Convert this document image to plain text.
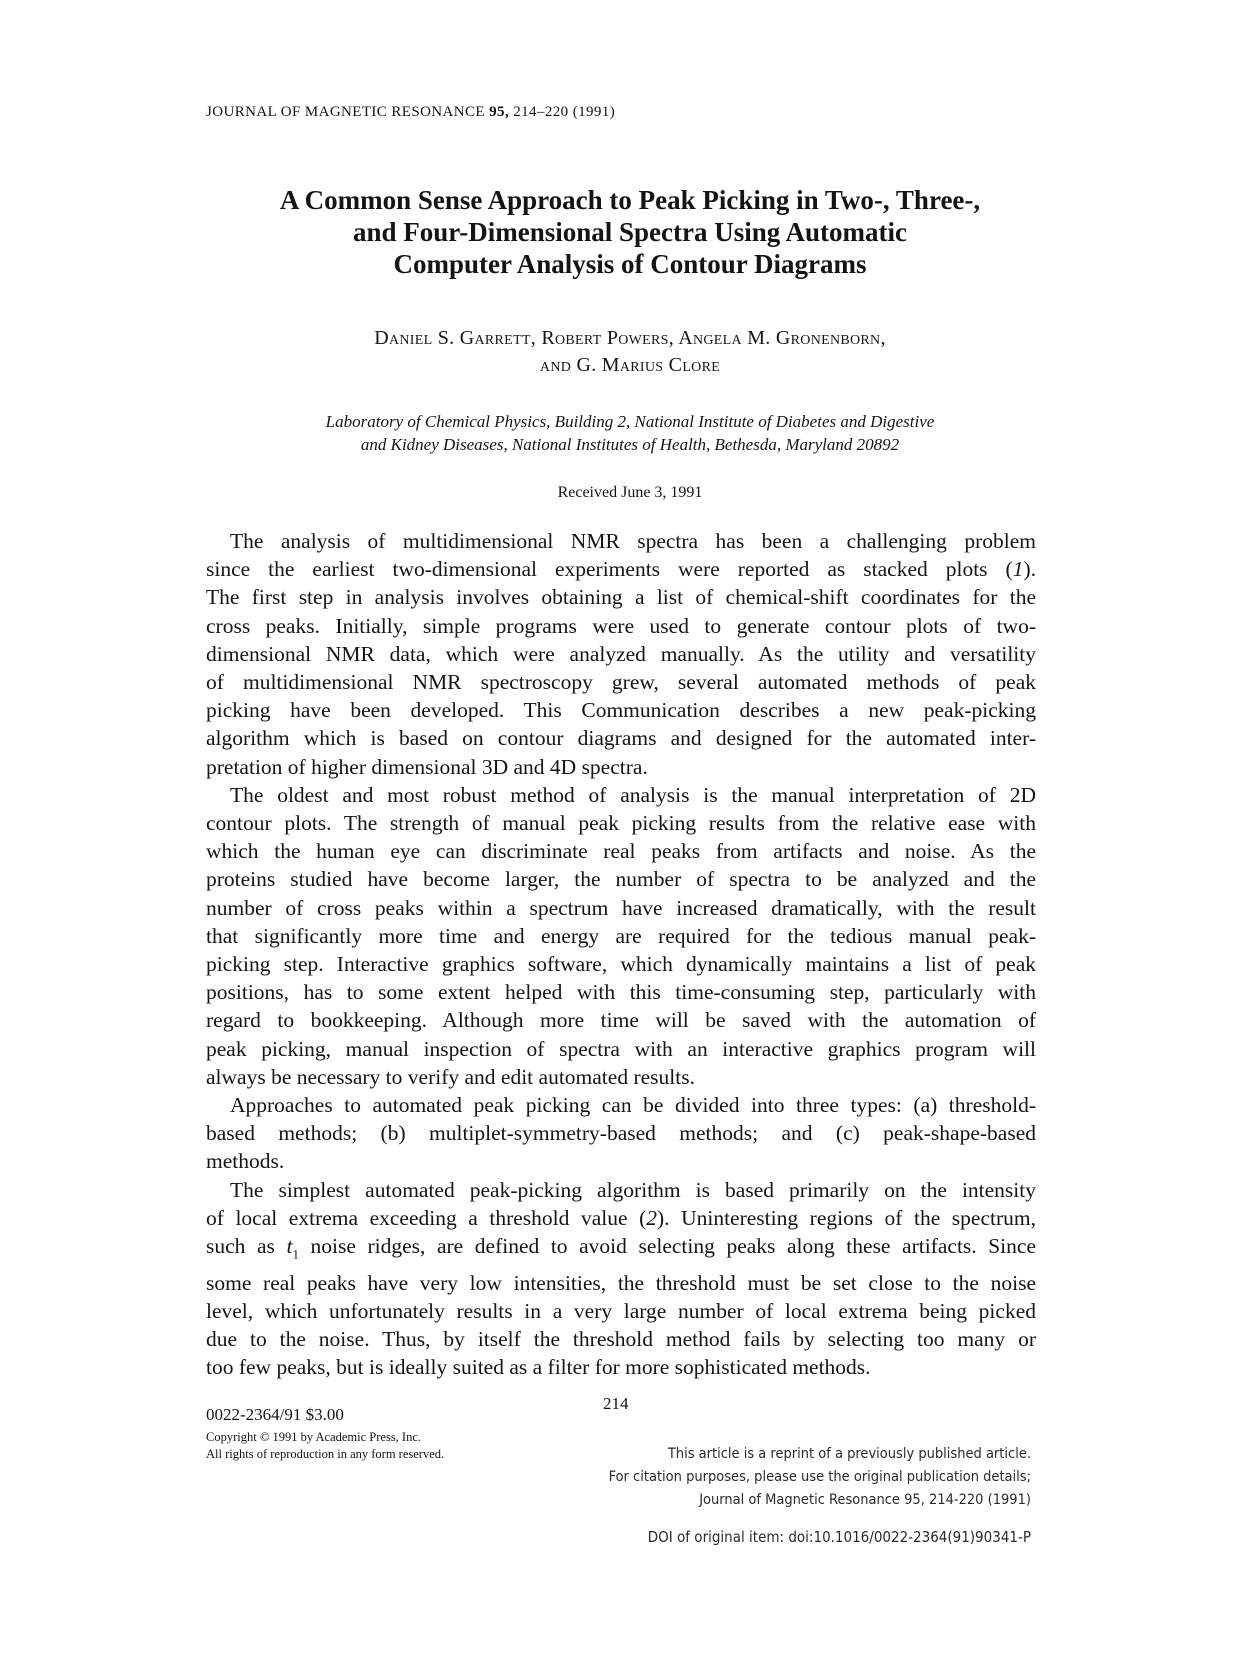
JOURNAL OF MAGNETIC RESONANCE 95, 214–220 (1991)
A Common Sense Approach to Peak Picking in Two-, Three-,
and Four-Dimensional Spectra Using Automatic
Computer Analysis of Contour Diagrams
Daniel S. Garrett, Robert Powers, Angela M. Gronenborn,
and G. Marius Clore
Laboratory of Chemical Physics, Building 2, National Institute of Diabetes and Digestive
and Kidney Diseases, National Institutes of Health, Bethesda, Maryland 20892
Received June 3, 1991
The analysis of multidimensional NMR spectra has been a challenging problem
since the earliest two-dimensional experiments were reported as stacked plots (1).
The first step in analysis involves obtaining a list of chemical-shift coordinates for the
cross peaks. Initially, simple programs were used to generate contour plots of two-
dimensional NMR data, which were analyzed manually. As the utility and versatility
of multidimensional NMR spectroscopy grew, several automated methods of peak
picking have been developed. This Communication describes a new peak-picking
algorithm which is based on contour diagrams and designed for the automated inter-
pretation of higher dimensional 3D and 4D spectra.
The oldest and most robust method of analysis is the manual interpretation of 2D
contour plots. The strength of manual peak picking results from the relative ease with
which the human eye can discriminate real peaks from artifacts and noise. As the
proteins studied have become larger, the number of spectra to be analyzed and the
number of cross peaks within a spectrum have increased dramatically, with the result
that significantly more time and energy are required for the tedious manual peak-
picking step. Interactive graphics software, which dynamically maintains a list of peak
positions, has to some extent helped with this time-consuming step, particularly with
regard to bookkeeping. Although more time will be saved with the automation of
peak picking, manual inspection of spectra with an interactive graphics program will
always be necessary to verify and edit automated results.
Approaches to automated peak picking can be divided into three types: (a) threshold-
based methods; (b) multiplet-symmetry-based methods; and (c) peak-shape-based
methods.
The simplest automated peak-picking algorithm is based primarily on the intensity
of local extrema exceeding a threshold value (2). Uninteresting regions of the spectrum,
such as $t_1$ noise ridges, are defined to avoid selecting peaks along these artifacts. Since
some real peaks have very low intensities, the threshold must be set close to the noise
level, which unfortunately results in a very large number of local extrema being picked
due to the noise. Thus, by itself the threshold method fails by selecting too many or
too few peaks, but is ideally suited as a filter for more sophisticated methods.
214
0022-2364/91 $3.00
Copyright © 1991 by Academic Press, Inc.
All rights of reproduction in any form reserved.	This article is a reprint of a previously published article.
For citation purposes, please use the original publication details;
Journal of Magnetic Resonance 95, 214-220 (1991)
DOI of original item: doi:10.1016/0022-2364(91)90341-P
